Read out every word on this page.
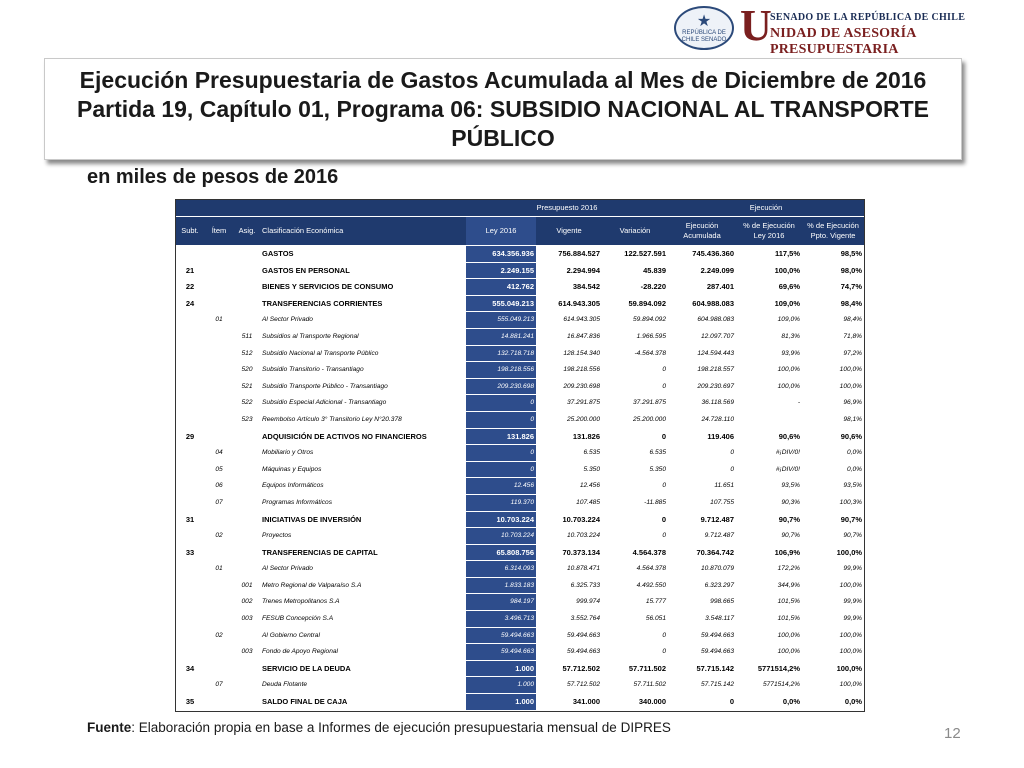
★
REPÚBLICA DE CHILE SENADO U
SENADO DE LA REPÚBLICA DE CHILE
NIDAD DE ASESORÍA PRESUPUESTARIA
Ejecución Presupuestaria de Gastos Acumulada al Mes de Diciembre de 2016
Partida 19, Capítulo 01, Programa 06: SUBSIDIO NACIONAL AL TRANSPORTE
PÚBLICO
en miles de pesos de 2016
				Presupuesto 2016			Ejecución		
Subt.	Ítem	Asig.	Clasificación Económica	Ley 2016	Vigente	Variación	Ejecución Acumulada	% de Ejecución Ley 2016	% de Ejecución Ppto. Vigente
			GASTOS	634.356.936	756.884.527	122.527.591	745.436.360	117,5%	98,5%
21			GASTOS EN PERSONAL	2.249.155	2.294.994	45.839	2.249.099	100,0%	98,0%
22			BIENES Y SERVICIOS DE CONSUMO	412.762	384.542	-28.220	287.401	69,6%	74,7%
24			TRANSFERENCIAS CORRIENTES	555.049.213	614.943.305	59.894.092	604.988.083	109,0%	98,4%
	01		Al Sector Privado	555.049.213	614.943.305	59.894.092	604.988.083	109,0%	98,4%
		511	Subsidios al Transporte Regional	14.881.241	16.847.836	1.966.595	12.097.707	81,3%	71,8%
		512	Subsidio Nacional al Transporte Público	132.718.718	128.154.340	-4.564.378	124.594.443	93,9%	97,2%
		520	Subsidio Transitorio - Transantiago	198.218.556	198.218.556	0	198.218.557	100,0%	100,0%
		521	Subsidio Transporte Público - Transantiago	209.230.698	209.230.698	0	209.230.697	100,0%	100,0%
		522	Subsidio Especial Adicional - Transantiago	0	37.291.875	37.291.875	36.118.569	-	96,9%
		523	Reembolso Artículo 3° Transitorio Ley N°20.378	0	25.200.000	25.200.000	24.728.110		98,1%
29			ADQUISICIÓN DE ACTIVOS NO FINANCIEROS	131.826	131.826	0	119.406	90,6%	90,6%
	04		Mobiliario y Otros	0	6.535	6.535	0	#¡DIV/0!	0,0%
	05		Máquinas y Equipos	0	5.350	5.350	0	#¡DIV/0!	0,0%
	06		Equipos Informáticos	12.456	12.456	0	11.651	93,5%	93,5%
	07		Programas Informáticos	119.370	107.485	-11.885	107.755	90,3%	100,3%
31			INICIATIVAS DE INVERSIÓN	10.703.224	10.703.224	0	9.712.487	90,7%	90,7%
	02		Proyectos	10.703.224	10.703.224	0	9.712.487	90,7%	90,7%
33			TRANSFERENCIAS DE CAPITAL	65.808.756	70.373.134	4.564.378	70.364.742	106,9%	100,0%
	01		Al Sector Privado	6.314.093	10.878.471	4.564.378	10.870.079	172,2%	99,9%
		001	Metro Regional de Valparaíso S.A	1.833.183	6.325.733	4.492.550	6.323.297	344,9%	100,0%
		002	Trenes Metropolitanos S.A	984.197	999.974	15.777	998.665	101,5%	99,9%
		003	FESUB Concepción S.A	3.496.713	3.552.764	56.051	3.548.117	101,5%	99,9%
	02		Al Gobierno Central	59.494.663	59.494.663	0	59.494.663	100,0%	100,0%
		003	Fondo de Apoyo Regional	59.494.663	59.494.663	0	59.494.663	100,0%	100,0%
34			SERVICIO DE LA DEUDA	1.000	57.712.502	57.711.502	57.715.142	5771514,2%	100,0%
	07		Deuda Flotante	1.000	57.712.502	57.711.502	57.715.142	5771514,2%	100,0%
35			SALDO FINAL DE CAJA	1.000	341.000	340.000	0	0,0%	0,0%
Fuente: Elaboración propia en base a Informes de ejecución presupuestaria mensual de DIPRES	12
